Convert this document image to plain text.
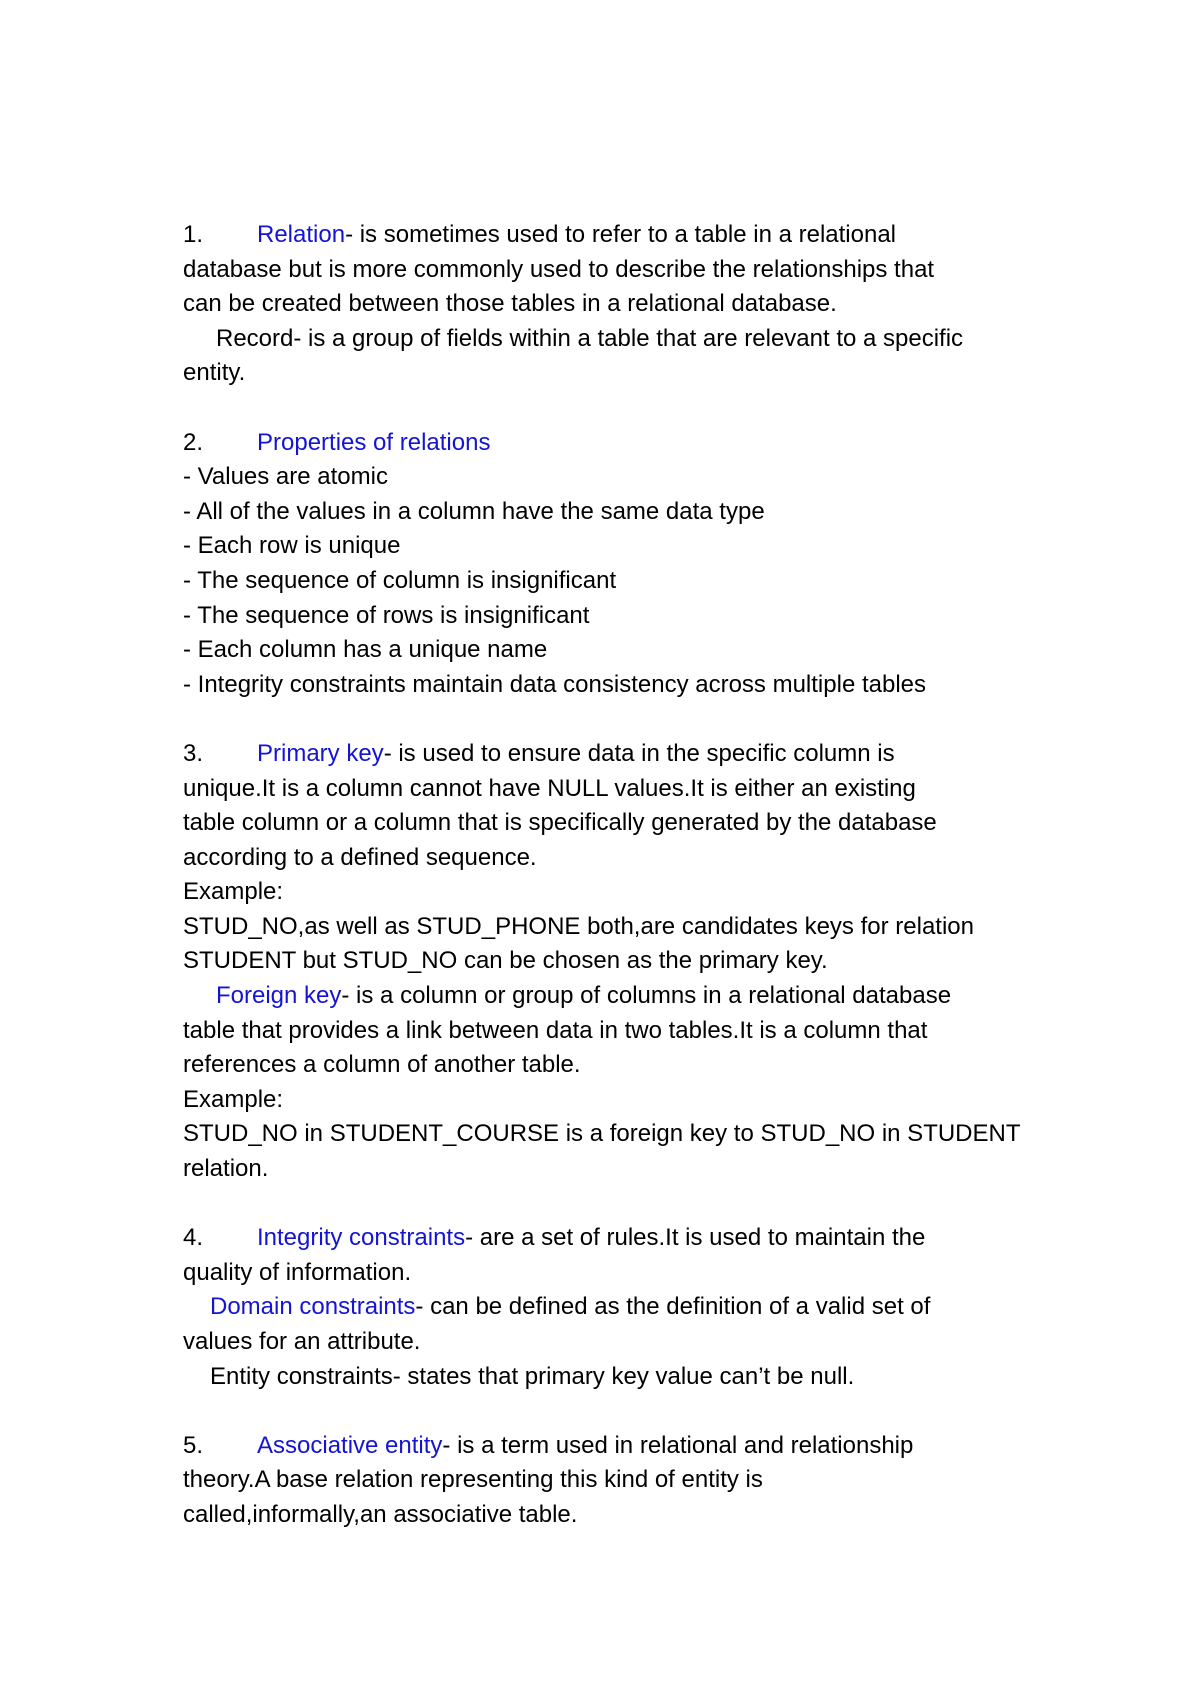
1. Relation- is sometimes used to refer to a table in a relational
database but is more commonly used to describe the relationships that
can be created between those tables in a relational database.
Record- is a group of fields within a table that are relevant to a specific
entity.
2. Properties of relations
- Values are atomic
- All of the values in a column have the same data type
- Each row is unique
- The sequence of column is insignificant
- The sequence of rows is insignificant
- Each column has a unique name
- Integrity constraints maintain data consistency across multiple tables
3. Primary key- is used to ensure data in the specific column is
unique.It is a column cannot have NULL values.It is either an existing
table column or a column that is specifically generated by the database
according to a defined sequence.
Example:
STUD_NO,as well as STUD_PHONE both,are candidates keys for relation
STUDENT but STUD_NO can be chosen as the primary key.
Foreign key- is a column or group of columns in a relational database
table that provides a link between data in two tables.It is a column that
references a column of another table.
Example:
STUD_NO in STUDENT_COURSE is a foreign key to STUD_NO in STUDENT
relation.
4. Integrity constraints- are a set of rules.It is used to maintain the
quality of information.
Domain constraints- can be defined as the definition of a valid set of
values for an attribute.
Entity constraints- states that primary key value can’t be null.
5. Associative entity- is a term used in relational and relationship
theory.A base relation representing this kind of entity is
called,informally,an associative table.
